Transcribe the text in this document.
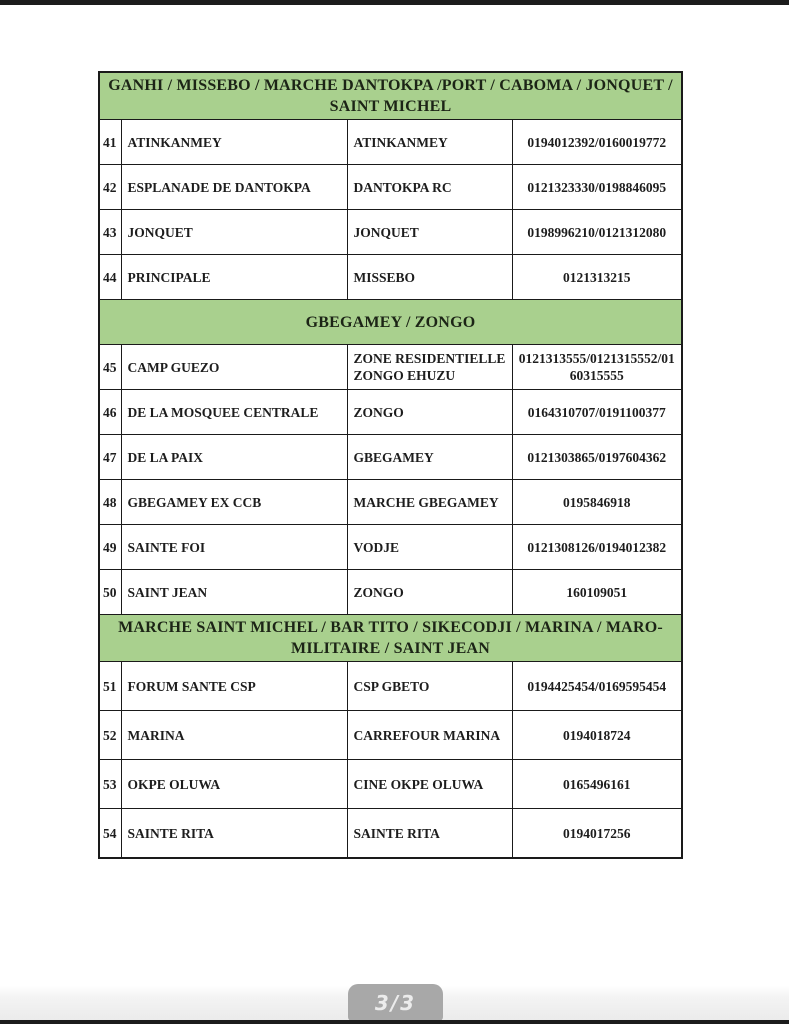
GANHI / MISSEBO / MARCHE DANTOKPA /PORT / CABOMA / JONQUET / SAINT MICHEL			
41	ATINKANMEY	ATINKANMEY	0194012392/0160019772
42	ESPLANADE DE DANTOKPA	DANTOKPA RC	0121323330/0198846095
43	JONQUET	JONQUET	0198996210/0121312080
44	PRINCIPALE	MISSEBO	0121313215
GBEGAMEY / ZONGO			
45	CAMP GUEZO	ZONE RESIDENTIELLE ZONGO EHUZU	0121313555/0121315552/0160315555
46	DE LA MOSQUEE CENTRALE	ZONGO	0164310707/0191100377
47	DE LA PAIX	GBEGAMEY	0121303865/0197604362
48	GBEGAMEY EX CCB	MARCHE GBEGAMEY	0195846918
49	SAINTE FOI	VODJE	0121308126/0194012382
50	SAINT JEAN	ZONGO	160109051
MARCHE SAINT MICHEL / BAR TITO / SIKECODJI / MARINA / MARO-MILITAIRE / SAINT JEAN			
51	FORUM SANTE CSP	CSP GBETO	0194425454/0169595454
52	MARINA	CARREFOUR MARINA	0194018724
53	OKPE OLUWA	CINE OKPE OLUWA	0165496161
54	SAINTE RITA	SAINTE RITA	0194017256
3/3
